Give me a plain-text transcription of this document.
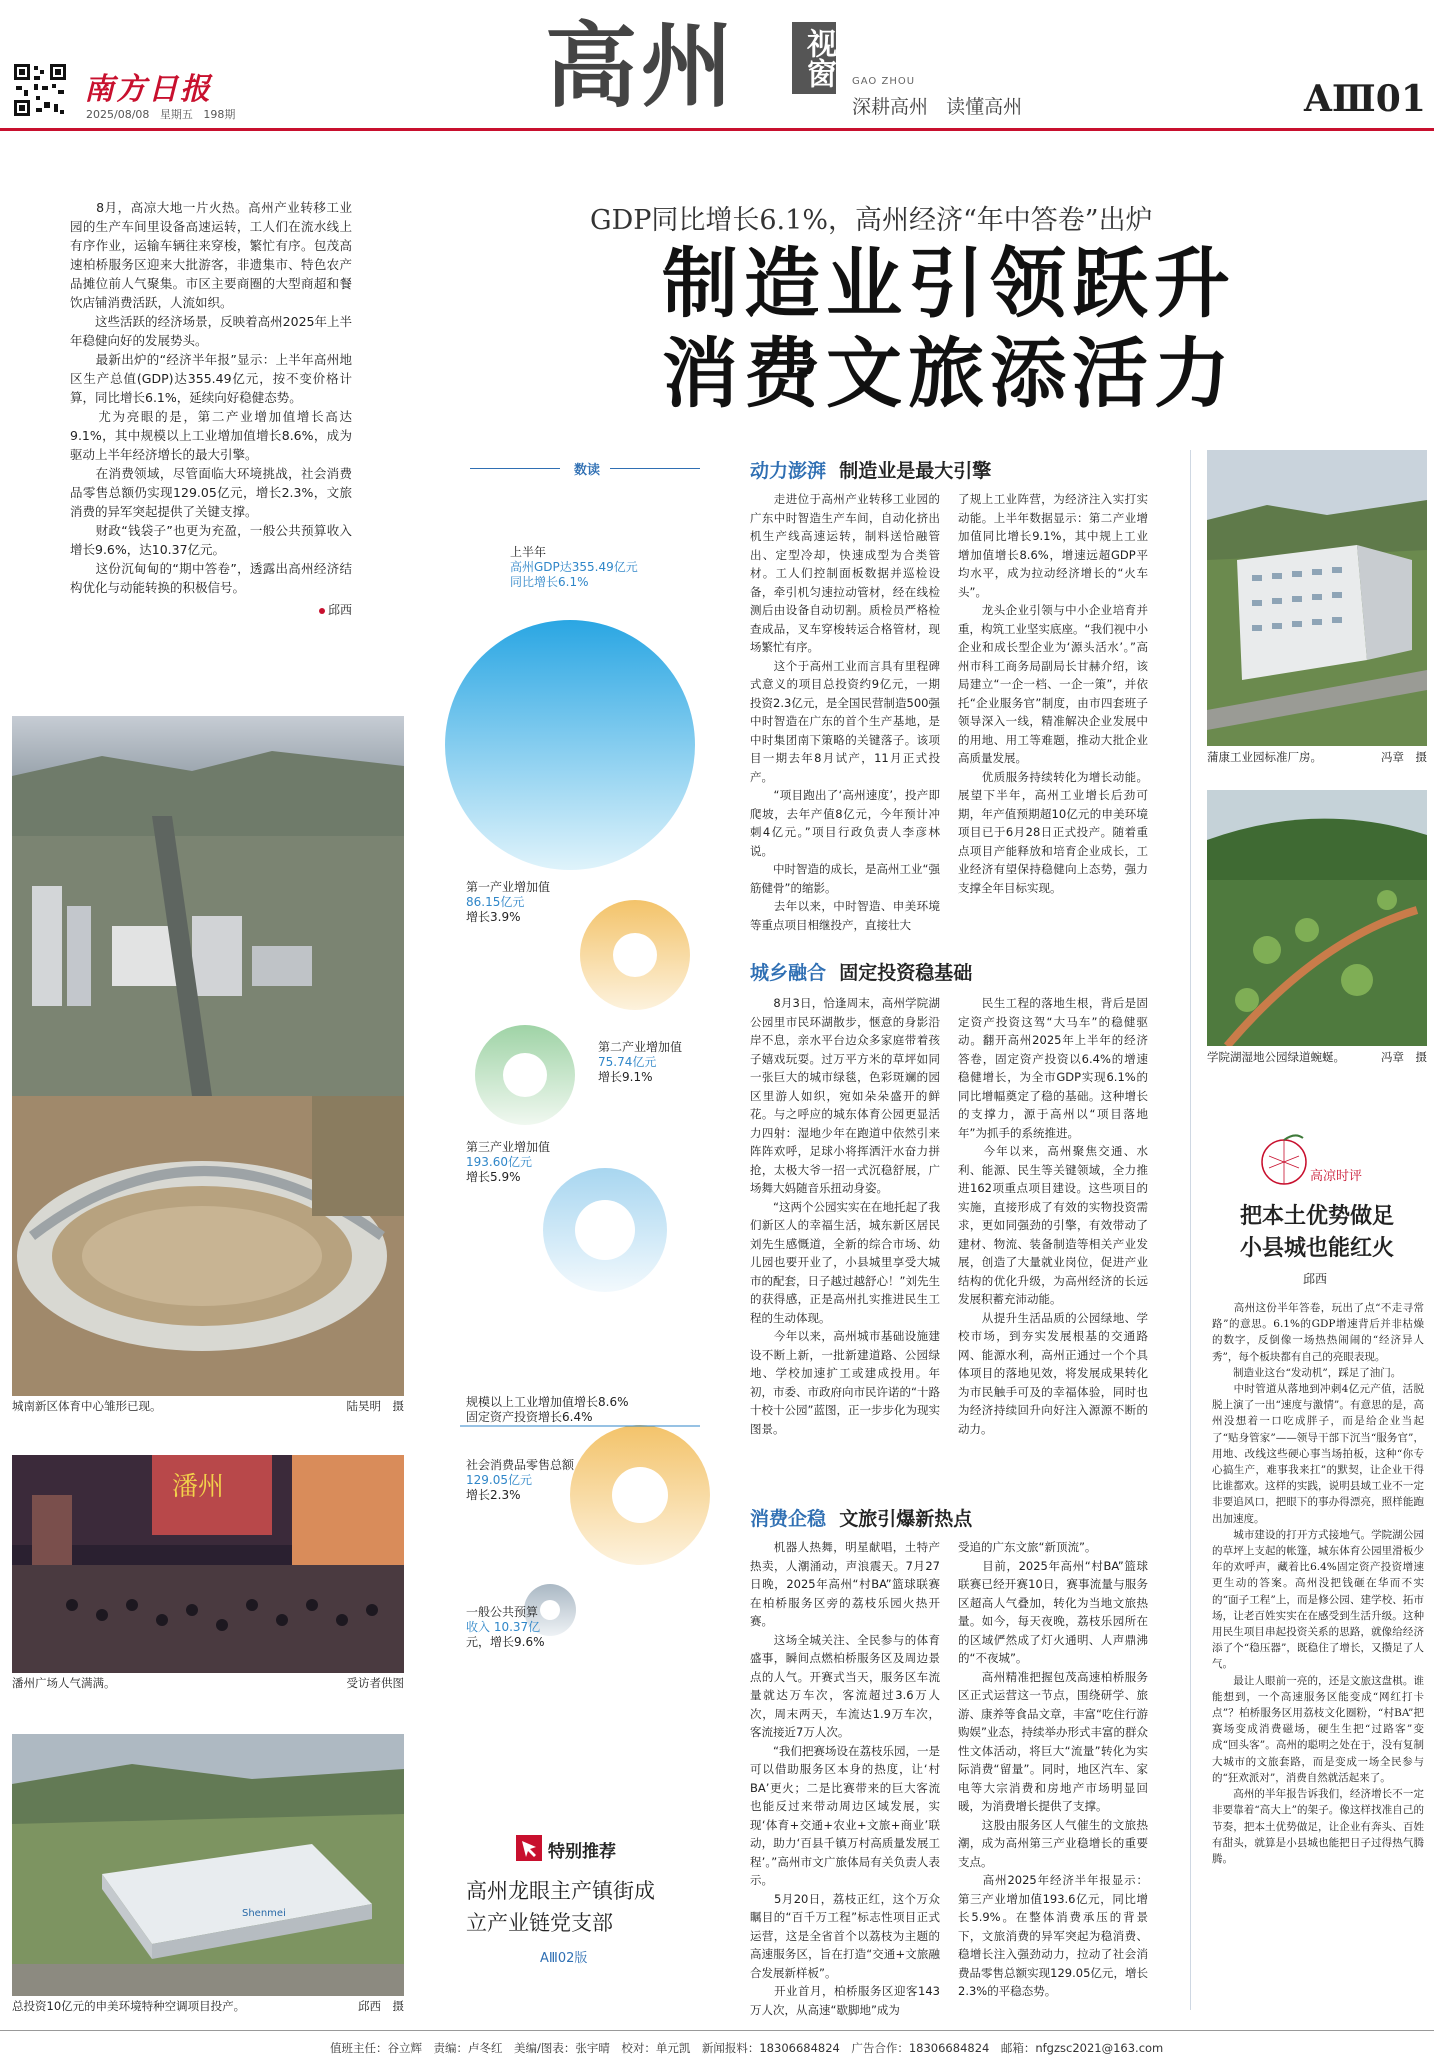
南方日报
2025/08/08   星期五   198期	高州	视窗 GAO ZHOU
深耕高州   读懂高州	AⅢ01
GDP同比增长6.1%，高州经济“年中答卷”出炉
制造业引领跃升
消费文旅添活力
　　8月，高凉大地一片火热。高州产业转移工业园的生产车间里设备高速运转，工人们在流水线上有序作业，运输车辆往来穿梭，繁忙有序。包茂高速柏桥服务区迎来大批游客，非遗集市、特色农产品摊位前人气聚集。市区主要商圈的大型商超和餐饮店铺消费活跃，人流如织。
　　这些活跃的经济场景，反映着高州2025年上半年稳健向好的发展势头。
　　最新出炉的“经济半年报”显示：上半年高州地区生产总值(GDP)达355.49亿元，按不变价格计算，同比增长6.1%，延续向好稳健态势。
　　尤为亮眼的是，第二产业增加值增长高达9.1%，其中规模以上工业增加值增长8.6%，成为驱动上半年经济增长的最大引擎。
　　在消费领域，尽管面临大环境挑战，社会消费品零售总额仍实现129.05亿元，增长2.3%，文旅消费的异军突起提供了关键支撑。
　　财政“钱袋子”也更为充盈，一般公共预算收入增长9.6%，达10.37亿元。
　　这份沉甸甸的“期中答卷”，透露出高州经济结构优化与动能转换的积极信号。
邱西
城南新区体育中心雏形已现。	陆昊明　摄
潘州
潘州广场人气满满。	受访者供图
Shenmei
总投资10亿元的申美环境特种空调项目投产。	邱西　摄
数读
上半年
高州GDP达355.49亿元
同比增长6.1%
第一产业增加值
86.15亿元
增长3.9%
第二产业增加值
75.74亿元
增长9.1%
第三产业增加值
193.60亿元
增长5.9%
规模以上工业增加值增长8.6%
固定资产投资增长6.4%
社会消费品零售总额
129.05亿元
增长2.3%
一般公共预算
收入 10.37亿
元，增长9.6%
特别推荐
高州龙眼主产镇街成立产业链党支部
AⅢ02版
动力澎湃 制造业是最大引擎
　　走进位于高州产业转移工业园的广东中时智造生产车间，自动化挤出机生产线高速运转，制料送恰融管出、定型冷却，快速成型为合类管材。工人们控制面板数据并巡检设备，牵引机匀速拉动管材，经在线检测后由设备自动切割。质检员严格检查成品，叉车穿梭转运合格管材，现场繁忙有序。
　　这个于高州工业而言具有里程碑式意义的项目总投资约9亿元，一期投资2.3亿元，是全国民营制造500强中时智造在广东的首个生产基地，是中时集团南下策略的关键落子。该项目一期去年8月试产，11月正式投产。
　　“项目跑出了‘高州速度’，投产即爬坡，去年产值8亿元，今年预计冲刺4亿元。”项目行政负责人李彦林说。
　　中时智造的成长，是高州工业“强筋健骨”的缩影。
　　去年以来，中时智造、申美环境等重点项目相继投产，直接壮大
了规上工业阵营，为经济注入实打实动能。上半年数据显示：第二产业增加值同比增长9.1%，其中规上工业增加值增长8.6%，增速远超GDP平均水平，成为拉动经济增长的“火车头”。
　　龙头企业引领与中小企业培育并重，构筑工业坚实底座。“我们视中小企业和成长型企业为‘源头活水’。”高州市科工商务局副局长甘赫介绍，该局建立“一企一档、一企一策”，并依托“企业服务官”制度，由市四套班子领导深入一线，精准解决企业发展中的用地、用工等难题，推动大批企业高质量发展。
　　优质服务持续转化为增长动能。展望下半年，高州工业增长后劲可期，年产值预期超10亿元的申美环境项目已于6月28日正式投产。随着重点项目产能释放和培育企业成长，工业经济有望保持稳健向上态势，强力支撑全年目标实现。
城乡融合 固定投资稳基础
　　8月3日，恰逢周末，高州学院湖公园里市民环湖散步，惬意的身影沿岸不息，亲水平台边众多家庭带着孩子嬉戏玩耍。过万平方米的草坪如同一张巨大的城市绿毯，色彩斑斓的园区里游人如织，宛如朵朵盛开的鲜花。与之呼应的城东体育公园更显活力四射：湿地少年在跑道中依然引来阵阵欢呼，足球小将挥洒汗水奋力拼抢，太极大爷一招一式沉稳舒展，广场舞大妈随音乐扭动身姿。
　　“这两个公园实实在在地托起了我们新区人的幸福生活，城东新区居民刘先生感慨道，全新的综合市场、幼儿园也要开业了，小县城里享受大城市的配套，日子越过越舒心！”刘先生的获得感，正是高州扎实推进民生工程的生动体现。
　　今年以来，高州城市基础设施建设不断上新，一批新建道路、公园绿地、学校加速扩工或建成投用。年初，市委、市政府向市民许诺的“十路十校十公园”蓝图，正一步步化为现实图景。
　　民生工程的落地生根，背后是固定资产投资这驾“大马车”的稳健驱动。翻开高州2025年上半年的经济答卷，固定资产投资以6.4%的增速稳健增长，为全市GDP实现6.1%的同比增幅奠定了稳的基础。这种增长的支撑力，源于高州以“项目落地年”为抓手的系统推进。
　　今年以来，高州聚焦交通、水利、能源、民生等关键领域，全力推进162项重点项目建设。这些项目的实施，直接形成了有效的实物投资需求，更如同强劲的引擎，有效带动了建材、物流、装备制造等相关产业发展，创造了大量就业岗位，促进产业结构的优化升级，为高州经济的长远发展积蓄充沛动能。
　　从提升生活品质的公园绿地、学校市场，到夯实发展根基的交通路网、能源水利，高州正通过一个个具体项目的落地见效，将发展成果转化为市民触手可及的幸福体验，同时也为经济持续回升向好注入源源不断的动力。
消费企稳 文旅引爆新热点
　　机器人热舞，明星献唱，土特产热卖，人潮涌动，声浪震天。7月27日晚，2025年高州“村BA”篮球联赛在柏桥服务区旁的荔枝乐园火热开赛。
　　这场全城关注、全民参与的体育盛事，瞬间点燃柏桥服务区及周边景点的人气。开赛式当天，服务区车流量就达万车次，客流超过3.6万人次，周末两天，车流达1.9万车次，客流接近7万人次。
　　“我们把赛场设在荔枝乐园，一是可以借助服务区本身的热度，让‘村BA’更火；二是比赛带来的巨大客流也能反过来带动周边区域发展，实现‘体育+交通+农业+文旅+商业’联动，助力‘百县千镇万村高质量发展工程’。”高州市文广旅体局有关负责人表示。
　　5月20日，荔枝正红，这个万众瞩目的“百千万工程”标志性项目正式运营，这是全省首个以荔枝为主题的高速服务区，旨在打造“交通+文旅融合发展新样板”。
　　开业首月，柏桥服务区迎客143万人次，从高速“歇脚地”成为
受追的广东文旅“新顶流”。
　　目前，2025年高州“村BA”篮球联赛已经开赛10日，赛事流量与服务区超高人气叠加，转化为当地文旅热量。如今，每天夜晚，荔枝乐园所在的区域俨然成了灯火通明、人声鼎沸的“不夜城”。
　　高州精准把握包茂高速柏桥服务区正式运营这一节点，围绕研学、旅游、康养等食品文章，丰富“吃住行游购娱”业态，持续举办形式丰富的群众性文体活动，将巨大“流量”转化为实际消费“留量”。同时，地区汽车、家电等大宗消费和房地产市场明显回暖，为消费增长提供了支撑。
　　这股由服务区人气催生的文旅热潮，成为高州第三产业稳增长的重要支点。
　　高州2025年经济半年报显示：第三产业增加值193.6亿元，同比增长5.9%。在整体消费承压的背景下，文旅消费的异军突起为稳消费、稳增长注入强劲动力，拉动了社会消费品零售总额实现129.05亿元，增长2.3%的平稳态势。
蒲康工业园标准厂房。	冯章　摄
学院湖湿地公园绿道蜿蜒。	冯章　摄
高凉时评
把本土优势做足
小县城也能红火
邱西
　　高州这份半年答卷，玩出了点“不走寻常路”的意思。6.1%的GDP增速背后并非枯燥的数字，反倒像一场热热闹闹的“经济异人秀”，每个板块都有自己的亮眼表现。
　　制造业这台“发动机”，踩足了油门。
　　中时管道从落地到冲刺4亿元产值，活脱脱上演了一出“速度与激情”。有意思的是，高州没想着一口吃成胖子，而是给企业当起了“贴身管家”——领导干部下沉当“服务官”，用地、改线这些硬心事当场拍板，这种“你专心搞生产，难事我来扛”的默契，让企业干得比谁都欢。这样的实践，说明县域工业不一定非要追风口，把眼下的事办得漂亮，照样能跑出加速度。
　　城市建设的打开方式接地气。学院湖公园的草坪上支起的帐篷，城东体育公园里滑板少年的欢呼声，藏着比6.4%固定资产投资增速更生动的答案。高州没把钱砸在华而不实的“面子工程”上，而是修公园、建学校、拓市场，让老百姓实实在在感受到生活升级。这种用民生项目串起投资关系的思路，就像给经济添了个“稳压器”，既稳住了增长，又攒足了人气。
　　最让人眼前一亮的，还是文旅这盘棋。谁能想到，一个高速服务区能变成“网红打卡点”？柏桥服务区用荔枝文化圈粉，“村BA”把赛场变成消费磁场，硬生生把“过路客”变成“回头客”。高州的聪明之处在于，没有复制大城市的文旅套路，而是变成一场全民参与的“狂欢派对”，消费自然就活起来了。
　　高州的半年报告诉我们，经济增长不一定非要靠着“高大上”的架子。像这样找准自己的节奏，把本土优势做足，让企业有奔头、百姓有甜头，就算是小县城也能把日子过得热气腾腾。
值班主任：谷立辉　责编：卢冬红　美编/图表：张宇晴　校对：单元凯　新闻报料：18306684824　广告合作：18306684824　邮箱：nfgzsc2021@163.com
